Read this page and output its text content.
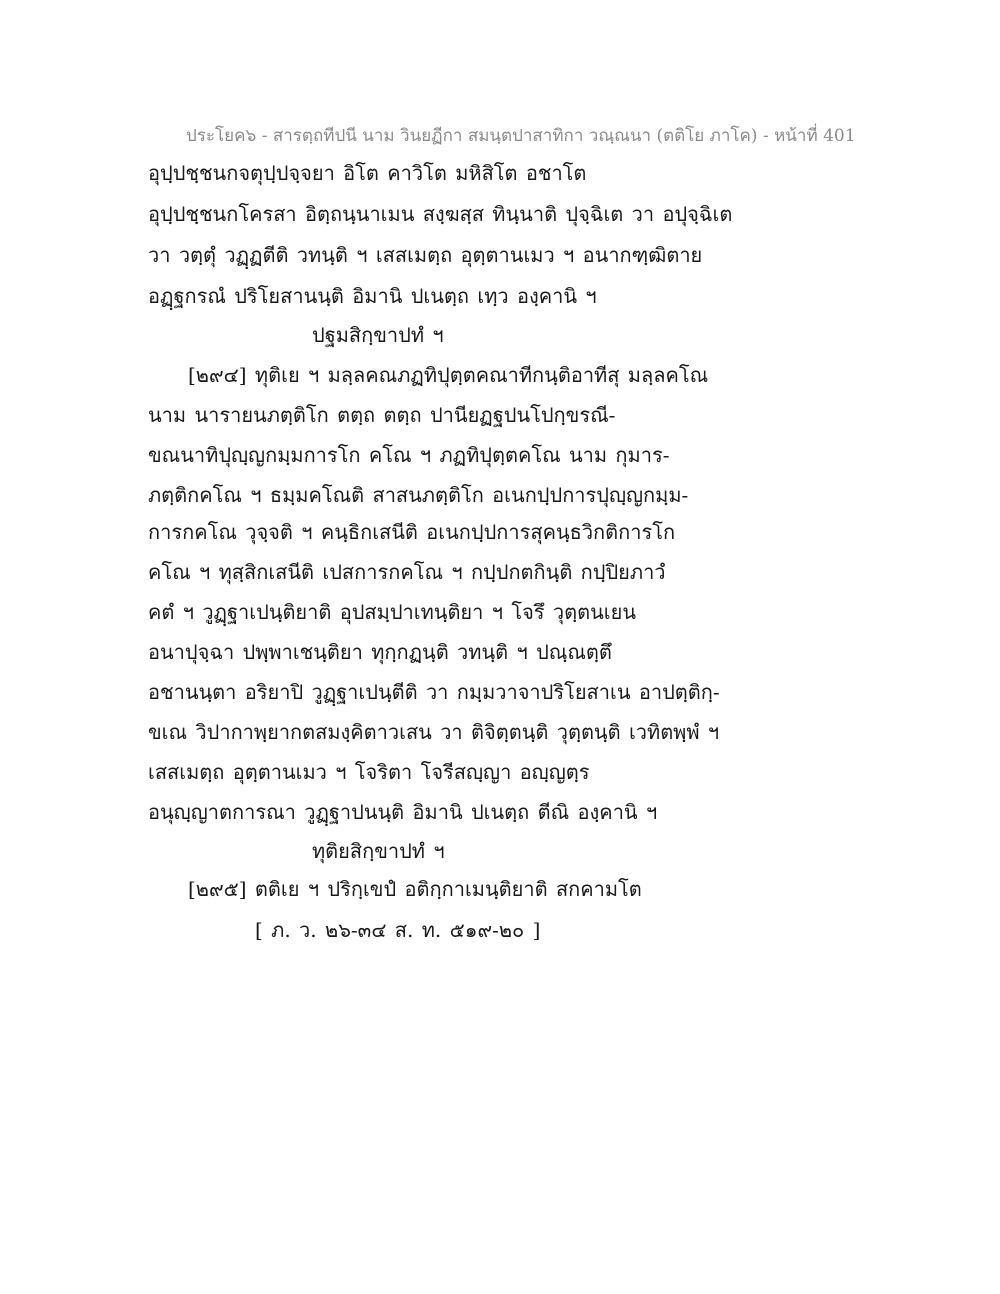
ประโยค๖ - สารตฺถทีปนี นาม วินยฏีกา สมนฺตปาสาทิกา วณฺณนา (ตติโย ภาโค) - หน้าที่ 401
อุปฺปชฺชนกจตุปฺปจฺจยา อิโต คาวิโต มหิสิโต อชาโต
อุปฺปชฺชนกโครสา อิตฺถนฺนาเมน สงฺฆสฺส ทินฺนาติ ปุจฺฉิเต วา อปุจฺฉิเต
วา วตฺตุํ วฏฺฏตีติ วทนฺติ ฯ เสสเมตฺถ อุตฺตานเมว ฯ อนากฑฺฒิตาย
อฏฺฐกรณํ ปริโยสานนฺติ อิมานิ ปเนตฺถ เทฺว องฺคานิ ฯ
ปฐมสิกฺขาปทํ ฯ
[๒๙๔] ทุติเย ฯ มลฺลคณภฏทิปุตฺตคณาทีกนฺติอาทีสุ มลฺลคโณ
นาม นารายนภตฺติโก ตตฺถ ตตฺถ ปานียฏฐปนโปกฺขรณี-
ขณนาทิปุญฺญกมฺมการโก คโณ ฯ ภฏทิปุตฺตคโณ นาม กุมาร-
ภตฺติกคโณ ฯ ธมฺมคโณติ สาสนภตฺติโก อเนกปฺปการปุญฺญกมฺม-
การกคโณ วุจฺจติ ฯ คนฺธิกเสนีติ อเนกปฺปการสุคนฺธวิกติการโก
คโณ ฯ ทุสฺสิกเสนีติ เปสการกคโณ ฯ กปฺปกตกินฺติ กปฺปิยภาวํ
คตํ ฯ วูฏฺฐาเปนฺติยาติ อุปสมฺปาเทนฺติยา ฯ โจรึ วุตฺตนเยน
อนาปุจฺฉา ปพฺพาเชนฺติยา ทุกฺกฏนฺติ วทนฺติ ฯ ปณฺณตฺตึ
อชานนฺตา อริยาปิ วูฏฺฐาเปนฺตีติ วา กมฺมวาจาปริโยสาเน อาปตฺติกฺ-
ขเณ วิปากาพฺยากตสมงฺคิตาวเสน วา ติจิตฺตนฺติ วุตฺตนฺติ เวทิตพฺพํ ฯ
เสสเมตฺถ อุตฺตานเมว ฯ โจริตา โจรีสญฺญา อญฺญตฺร
อนุญฺญาตการณา วูฏฺฐาปนนฺติ อิมานิ ปเนตฺถ ตีณิ องฺคานิ ฯ
ทุติยสิกฺขาปทํ ฯ
[๒๙๕] ตติเย ฯ ปริกฺเขปํ อติกฺกาเมนฺติยาติ สกคามโต
[ ภ. ว. ๒๖-๓๔ ส. ท. ๕๑๙-๒๐ ]
